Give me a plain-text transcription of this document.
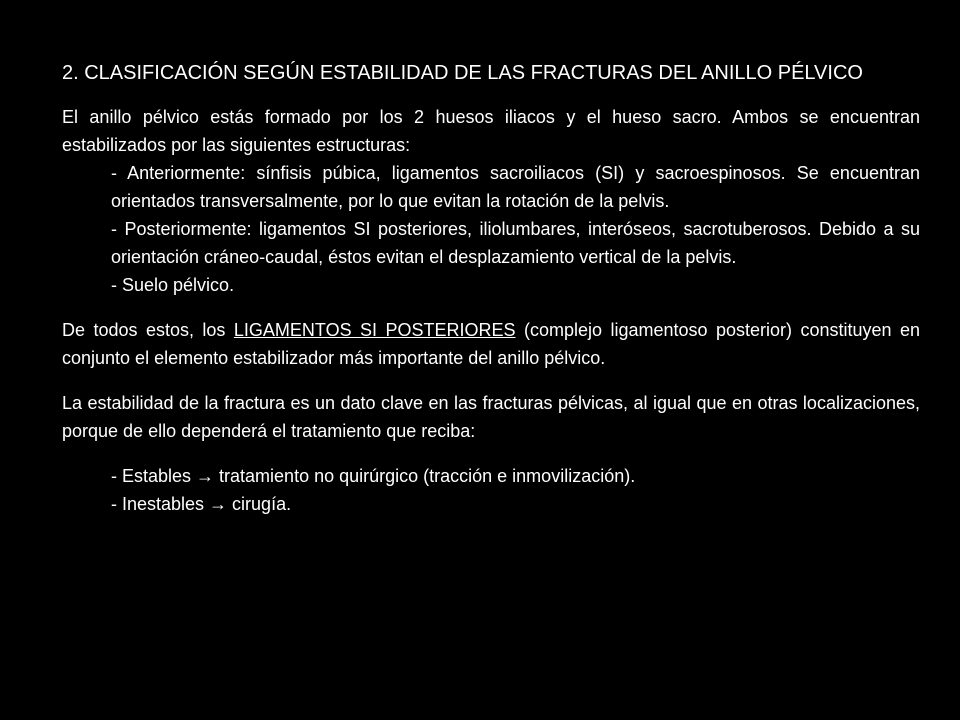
2. CLASIFICACIÓN SEGÚN ESTABILIDAD DE LAS FRACTURAS DEL ANILLO PÉLVICO

El anillo pélvico estás formado por los 2 huesos iliacos y el hueso sacro. Ambos se encuentran estabilizados por las siguientes estructuras:

- Anteriormente: sínfisis púbica, ligamentos sacroiliacos (SI) y sacroespinosos. Se encuentran orientados transversalmente, por lo que evitan la rotación de la pelvis.
- Posteriormente: ligamentos SI posteriores, iliolumbares, interóseos, sacrotuberosos. Debido a su orientación cráneo-caudal, éstos evitan el desplazamiento vertical de la pelvis.
- Suelo pélvico.

De todos estos, los LIGAMENTOS SI POSTERIORES (complejo ligamentoso posterior) constituyen en conjunto el elemento estabilizador más importante del anillo pélvico.

La estabilidad de la fractura es un dato clave en las fracturas pélvicas, al igual que en otras localizaciones, porque de ello dependerá el tratamiento que reciba:

- Estables → tratamiento no quirúrgico (tracción e inmovilización).
- Inestables → cirugía.
